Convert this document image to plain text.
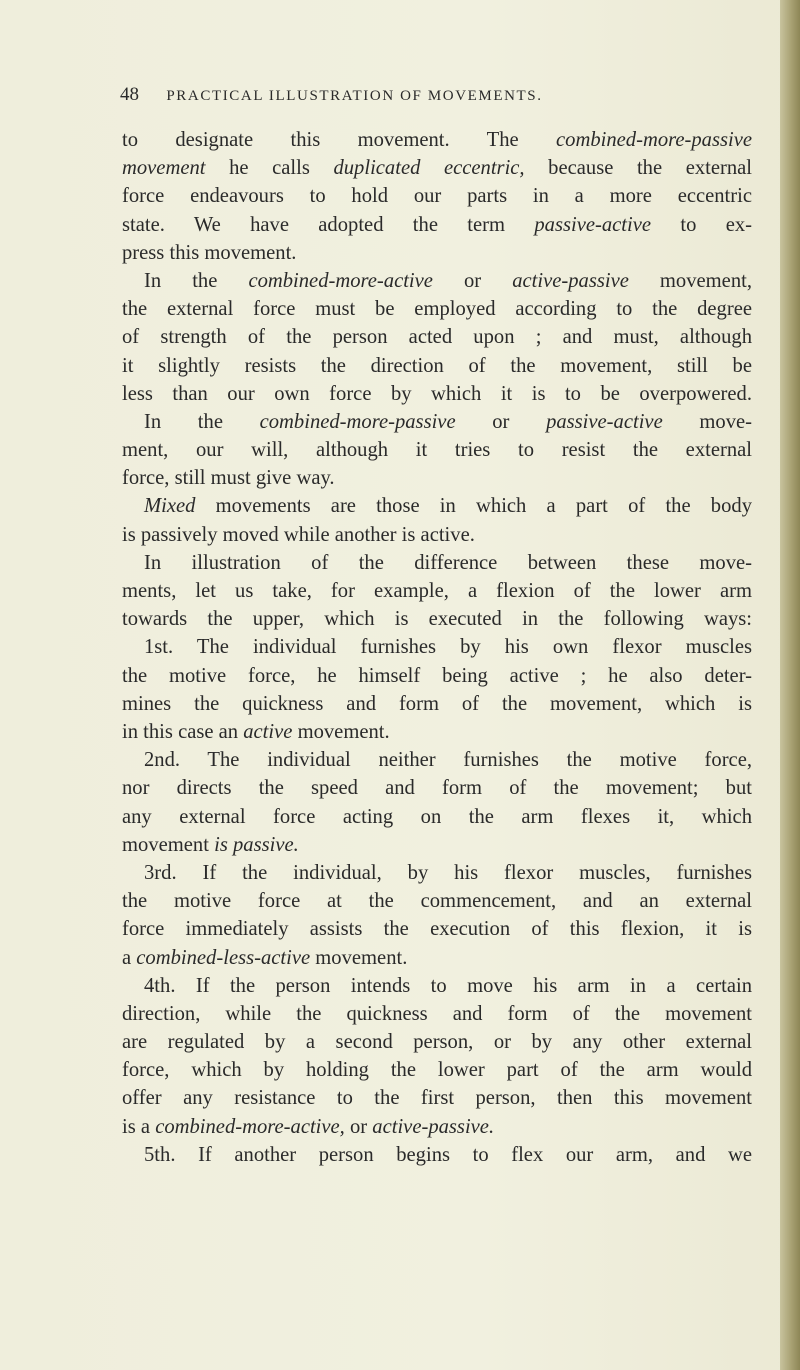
48 PRACTICAL ILLUSTRATION OF MOVEMENTS.
to designate this movement. The combined-more-passive
movement he calls duplicated eccentric, because the external
force endeavours to hold our parts in a more eccentric
state. We have adopted the term passive-active to ex-
press this movement.
In the combined-more-active or active-passive movement,
the external force must be employed according to the degree
of strength of the person acted upon ; and must, although
it slightly resists the direction of the movement, still be
less than our own force by which it is to be overpowered.
In the combined-more-passive or passive-active move-
ment, our will, although it tries to resist the external
force, still must give way.
Mixed movements are those in which a part of the body
is passively moved while another is active.
In illustration of the difference between these move-
ments, let us take, for example, a flexion of the lower arm
towards the upper, which is executed in the following ways:
1st. The individual furnishes by his own flexor muscles
the motive force, he himself being active ; he also deter-
mines the quickness and form of the movement, which is
in this case an active movement.
2nd. The individual neither furnishes the motive force,
nor directs the speed and form of the movement; but
any external force acting on the arm flexes it, which
movement is passive.
3rd. If the individual, by his flexor muscles, furnishes
the motive force at the commencement, and an external
force immediately assists the execution of this flexion, it is
a combined-less-active movement.
4th. If the person intends to move his arm in a certain
direction, while the quickness and form of the movement
are regulated by a second person, or by any other external
force, which by holding the lower part of the arm would
offer any resistance to the first person, then this movement
is a combined-more-active, or active-passive.
5th. If another person begins to flex our arm, and we
